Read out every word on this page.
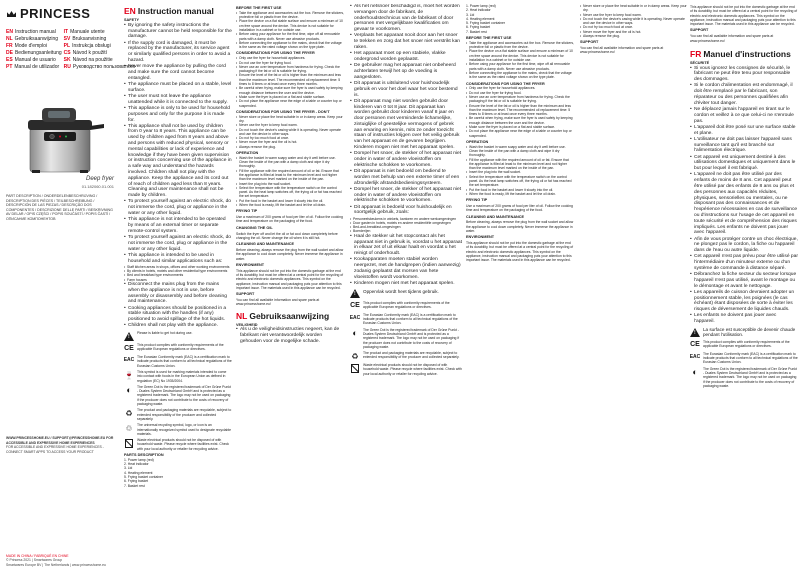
PRINCESS
EN Instruction manual	IT Manuale utente
NL Gebruiksaanwijzing	SV Bruksanvisning
FR Mode d'emploi	PL Instrukcja obsługi
DE Bedienungsanleitung CS Návod k použití
ES Manual de usuario	SK Návod na použitie
PT Manual de utilizador RU Руководство пользователя
Deep fryer
01.182060.01.001
PART DESCRIPTION / ONDERDELENBESCHRIJVING / DESCRIPTION DES PIÈCES / TEILBESCHREIBUNG / DESCRIPCIÓN DE LAS PIEZAS / DESCRIÇÃO DOS COMPONENTES / DESCRIZIONE DELLE PARTI / BESKRIVNING AV DELAR / OPIS CZĘŚCI / POPIS SOUČÁSTÍ / POPIS ČASTÍ / ОПИСАНИЕ КОМПОНЕНТОВ
WWW.PRINCESSHOME.EU / SUPPORT@PRINCESSHOME.EU FOR ACCESSIBLE AND EXPRESSIVE HOME EXPERIENCES
FOR ACCESSIBLE AND EXPRESSIVE HOME EXPERIENCES - CONNECT SMART APPS TO ACCESS YOUR PRODUCT
MADE IN CHINA / FABRIQUÉ EN CHINE
© Princess 2021 | Smartwares Group
Smartwares Europe BV | The Netherlands | www.princesshome.eu
EN Instruction manual
SAFETY
• By ignoring the safety instructions the manufacturer cannot be held responsible for the damage.
• If the supply cord is damaged, it must be replaced by the manufacturer, its service agent or similarly qualified persons in order to avoid a hazard.
• Never move the appliance by pulling the cord and make sure the cord cannot become entangled.
• The appliance must be placed on a stable, level surface.
• The user must not leave the appliance unattended while it is connected to the supply.
• This appliance is only to be used for household purposes and only for the purpose it is made for.
• This appliance shall not be used by children from 0 year to 8 years. This appliance can be used by children aged from 8 years and above and persons with reduced physical, sensory or mental capabilities or lack of experience and knowledge if they have been given supervision or instruction concerning use of the appliance in a safe way and understand the hazards involved. Children shall not play with the appliance. Keep the appliance and its cord out of reach of children aged less than 8 years. Cleaning and user maintenance shall not be made by children.
• To protect yourself against an electric shock, do not immerse the cord, plug or appliance in the water or any other liquid.
• This appliance is not intended to be operated by means of an external timer or separate remote-control system.
• To protect yourself against an electric shock, do not immerse the cord, plug or appliance in the water or any other liquid.
• This appliance is intended to be used in household and similar applications such as:
• Staff kitchen areas in shops, offices and other working environments
• By clients in hotels, motels and other residential type environments
• Bed and breakfast type environments
• Farm houses
• Disconnect the mains plug from the mains when the appliance is not in use, before assembly or disassembly and before cleaning and maintenance.
• Cooking appliances should be positioned in a stable situation with the handles (if any) positioned to avoid spillage of the hot liquids.
• Children shall not play with the appliance.
!
Please is liable to get hot during use.
CE This product complies with conformity requirements of the applicable European regulations or directives.
EAC The Eurasian Conformity mark (EAC) is a certification mark to indicate products that conform to all technical regulations of the Eurasian Customs Union.
🍷 This symbol is used for marking materials intended to come into contact with foods in the European Union as defined in regulation (EC) No 1935/2004.
◐	The Green Dot is the registered trademark of Der Grüne Punkt - Duales System Deutschland GmbH and is protected as a registered trademark. The logo may not be used on packaging if the producer does not contribute to the costs of recovery of packaging waste.
♻	The product and packaging materials are recyclable, subject to extended responsibility of the producer and collected separately.
♲	The universal recycling symbol, logo, or icon is an internationally recognized symbol used to designate recyclable materials.
Waste electrical products should not be disposed of with household waste. Please recycle where facilities exist. Check with your local authority or retailer for recycling advice.
PARTS DESCRIPTION
1. Power lamp (red)
2. Heat indicator
3. Lid
4. Heating element
5. Frying basket container
6. Frying basket
7. Basket rest
BEFORE THE FIRST USE
• Take the appliance and accessories out the box. Remove the stickers, protective foil or plastic from the device.
• Place the device on a flat stable surface and ensure a minimum of 10 cm free space around the device. This device is not suitable for installation in a cabinet or for outside use.
• Before using your appliance for the first time, wipe off all removable parts with a damp cloth. Never use abrasive products.
• Before connecting the appliance to the mains, check that the voltage is the same as the rated voltage shown on the type plate.
CONSIDERATIONS FOR USING THE FRYER
• Only use the fryer for household appliances.
• Do not use the fryer for frying food.
• Never use an over temperature from hardness for frying. Check the packaging if the fat or oil is suitable for frying.
• Ensure the level of the fat or oil is higher than the minimum and less than the maximum level. The recommended oil replacement time: 5 times to 8 times or at least once every three months.
• Be careful when frying, make sure the fryer is used safely by keeping enough distance between the user and the device.
• Make sure the fryer is placed on a flat and stable surface.
• Do not place the appliance near the edge of a table or counter top or suspended.
CONSIDERATIONS FOR USING THE FRYER - DON'T
• Never store or place the heat suitable in or in damp areas. Keep your dry.
• Never use the fryer to keep food warm.
• Do not touch the device's casing while it is operating. Never operate and use the device in other ways.
• Do not fry too much food at once.
• Never move the fryer and the oil is hot.
• Always remove the plug.
OPERATION
• Wash the basket in warm soapy water and dry it well before use. Clean the inside of the pan with a damp cloth and wipe it dry thoroughly.
• Fill the appliance with the required amount of oil or fat. Ensure that the appliance is filled at least to the minimum level and not higher than the maximum level marked on the inside of the pan.
• Insert the plug into the wall socket.
• Select the temperature with the temperature switch on the control panel. As the heat lamp switches off, the frying oil or fat has reached the set temperature.
• Put the food in the basket and lower it slowly into the oil.
• When the food is ready, lift the basket and let the oil drain.
FRYING TIP

Use a maximum of 200 grams of food per liter of oil. Follow the cooking time and temperature on the packaging of the food.

CHANGING THE OIL

Switch the fryer off and let the oil or fat cool down completely before changing the oil. Never change the oil when it is still hot.

CLEANING AND MAINTENANCE

Before cleaning, always remove the plug from the wall socket and allow the appliance to cool down completely. Never immerse the appliance in water.

ENVIRONMENT

This appliance should not be put into the domestic garbage at the end of its durability, but must be offered at a central point for the recycling of electric and electronic domestic appliances. This symbol on the appliance, instruction manual and packaging puts your attention to this important issue. The materials used in this appliance can be recycled.

SUPPORT

You can find all available information and spare parts at www.princesshome.eu!

NL Gebruiksaanwijzing
VEILIGHEID
• Als u de veiligheidsinstructies negeert, kan de fabrikant niet verantwoordelijk worden gehouden voor de mogelijke schade.
• Als het netsnoer beschadigd is, moet het worden vervangen door de fabrikant, de onderhoudstechnicus van de fabrikant of door personen met vergelijkbare kwalificaties om gevaar te voorkomen.
• Verplaats het apparaat nooit door aan het snoer te trekken en zorg dat het snoer niet verstrikt kan raken.
• Het apparaat moet op een stabiele, vlakke ondergrond worden geplaatst.
• De gebruiker mag het apparaat niet onbeheerd achterlaten terwijl het op de voeding is aangesloten.
• Dit apparaat is uitsluitend voor huishoudelijk gebruik en voor het doel waar het voor bestemd is.
• Dit apparaat mag niet worden gebruikt door kinderen van 0 tot 8 jaar. Dit apparaat kan worden gebruikt door kinderen vanaf 8 jaar en door personen met verminderde lichamelijke, zintuiglijke of geestelijke vermogens of gebrek aan ervaring en kennis, mits ze onder toezicht staan of instructies krijgen over het veilig gebruik van het apparaat en de gevaren begrijpen. Kinderen mogen niet met het apparaat spelen.
• Dompel het snoer, de stekker of het apparaat niet onder in water of andere vloeistoffen om elektrische schokken te voorkomen.
• Dit apparaat is niet bedoeld om bediend te worden met behulp van een externe timer of een afzonderlijk afstandsbedieningssysteem.
• Dompel het snoer, de stekker of het apparaat niet onder in water of andere vloeistoffen om elektrische schokken te voorkomen.
• Dit apparaat is bedoeld voor huishoudelijk en soortgelijk gebruik, zoals:
• Personeelskeukens in winkels, kantoren en andere werkomgevingen
• Door gasten in hotels, motels en andere residentiële omgevingen
• Bed-and-breakfast-omgevingen
• Boerderijen
• Haal de stekker uit het stopcontact als het apparaat niet in gebruik is, voordat u het apparaat in elkaar zet of uit elkaar haalt en voordat u het reinigt of onderhoudt.
• Kookapparaten moeten stabiel worden neergezet, met de handgrepen (indien aanwezig) zodanig geplaatst dat morsen van hete vloeistoffen wordt voorkomen.
• Kinderen mogen niet met het apparaat spelen.
!
Oppervlak wordt heet tijdens gebruik.
CE This product complies with conformity requirements of the applicable European regulations or directives.
EAC The Eurasian Conformity mark (EAC) is a certification mark to indicate products that conform to all technical regulations of the Eurasian Customs Union.
◐	The Green Dot is the registered trademark of Der Grüne Punkt - Duales System Deutschland GmbH and is protected as a registered trademark. The logo may not be used on packaging if the producer does not contribute to the costs of recovery of packaging waste.
♻	The product and packaging materials are recyclable, subject to extended responsibility of the producer and collected separately.
Waste electrical products should not be disposed of with household waste. Please recycle where facilities exist. Check with your local authority or retailer for recycling advice.
1. Power lamp (red)
2. Heat indicator
3. Lid
4. Heating element
5. Frying basket container
6. Frying basket
7. Basket rest
BEFORE THE FIRST USE
• Take the appliance and accessories out the box. Remove the stickers, protective foil or plastic from the device.
• Place the device on a flat stable surface and ensure a minimum of 10 cm free space around the device. This device is not suitable for installation in a cabinet or for outside use.
• Before using your appliance for the first time, wipe off all removable parts with a damp cloth. Never use abrasive products.
• Before connecting the appliance to the mains, check that the voltage is the same as the rated voltage shown on the type plate.
CONSIDERATIONS FOR USING THE FRYER
• Only use the fryer for household appliances.
• Do not use the fryer for frying food.
• Never use an over temperature from hardness for frying. Check the packaging if the fat or oil is suitable for frying.
• Ensure the level of the fat or oil is higher than the minimum and less than the maximum level. The recommended oil replacement time: 5 times to 8 times or at least once every three months.
• Be careful when frying, make sure the fryer is used safely by keeping enough distance between the user and the device.
• Make sure the fryer is placed on a flat and stable surface.
• Do not place the appliance near the edge of a table or counter top or suspended.
OPERATION
• Wash the basket in warm soapy water and dry it well before use. Clean the inside of the pan with a damp cloth and wipe it dry thoroughly.
• Fill the appliance with the required amount of oil or fat. Ensure that the appliance is filled at least to the minimum level and not higher than the maximum level marked on the inside of the pan.
• Insert the plug into the wall socket.
• Select the temperature with the temperature switch on the control panel. As the heat lamp switches off, the frying oil or fat has reached the set temperature.
• Put the food in the basket and lower it slowly into the oil.
• When the food is ready, lift the basket and let the oil drain.
FRYING TIP

Use a maximum of 200 grams of food per liter of oil. Follow the cooking time and temperature on the packaging of the food.

CLEANING AND MAINTENANCE

Before cleaning, always remove the plug from the wall socket and allow the appliance to cool down completely. Never immerse the appliance in water.

ENVIRONMENT

This appliance should not be put into the domestic garbage at the end of its durability, but must be offered at a central point for the recycling of electric and electronic domestic appliances. This symbol on the appliance, instruction manual and packaging puts your attention to this important issue. The materials used in this appliance can be recycled.

• Never store or place the heat suitable in or in damp areas. Keep your dry.
• Never use the fryer to keep food warm.
• Do not touch the device's casing while it is operating. Never operate and use the device in other ways.
• Do not fry too much food at once.
• Never move the fryer and the oil is hot.
• Always remove the plug.
SUPPORT

You can find all available information and spare parts at www.princesshome.eu!

This appliance should not be put into the domestic garbage at the end of its durability, but must be offered at a central point for the recycling of electric and electronic domestic appliances. This symbol on the appliance, instruction manual and packaging puts your attention to this important issue. The materials used in this appliance can be recycled.

SUPPORT

You can find all available information and spare parts at www.princesshome.eu!

FR Manuel d'instructions
SÉCURITÉ
• Si vous ignorez les consignes de sécurité, le fabricant ne peut être tenu pour responsable des dommages.
• Si le cordon d'alimentation est endommagé, il doit être remplacé par le fabricant, son réparateur ou des personnes qualifiées afin d'éviter tout danger.
• Ne déplacez jamais l'appareil en tirant sur le cordon et veillez à ce que celui-ci ne s'enroule pas.
• L'appareil doit être posé sur une surface stable et plane.
• L'utilisateur ne doit pas laisser l'appareil sans surveillance tant qu'il est branché sur l'alimentation électrique.
• Cet appareil est uniquement destiné à des utilisations domestiques et uniquement dans le but pour lequel il est fabriqué.
• L'appareil ne doit pas être utilisé par des enfants de moins de 8 ans. Cet appareil peut être utilisé par des enfants de 8 ans ou plus et des personnes aux capacités réduites, physiques, sensorielles ou mentales, ou ne disposant pas des connaissances et de l'expérience nécessaires en cas de surveillance ou d'instructions sur l'usage de cet appareil en toute sécurité et de compréhension des risques impliqués. Les enfants ne doivent pas jouer avec l'appareil.
• Afin de vous protéger contre un choc électrique, ne plongez pas le cordon, la fiche ou l'appareil dans de l'eau ou autre liquide.
• Cet appareil n'est pas prévu pour être utilisé par l'intermédiaire d'un minuteur externe ou d'un système de commande à distance séparé.
• Débranchez la fiche secteur du secteur lorsque l'appareil n'est pas utilisé, avant le montage ou le démontage et avant le nettoyage.
• Les appareils de cuisson devraient adopter un positionnement stable, les poignées (le cas échéant) étant disposées de sorte à éviter les risques de déversement de liquides chauds.
• Les enfants ne doivent pas jouer avec l'appareil.
!
La surface est susceptible de devenir chaude pendant l'utilisation.
CE This product complies with conformity requirements of the applicable European regulations or directives.
EAC The Eurasian Conformity mark (EAC) is a certification mark to indicate products that conform to all technical regulations of the Eurasian Customs Union.
◐	The Green Dot is the registered trademark of Der Grüne Punkt - Duales System Deutschland GmbH and is protected as a registered trademark. The logo may not be used on packaging if the producer does not contribute to the costs of recovery of packaging waste.
